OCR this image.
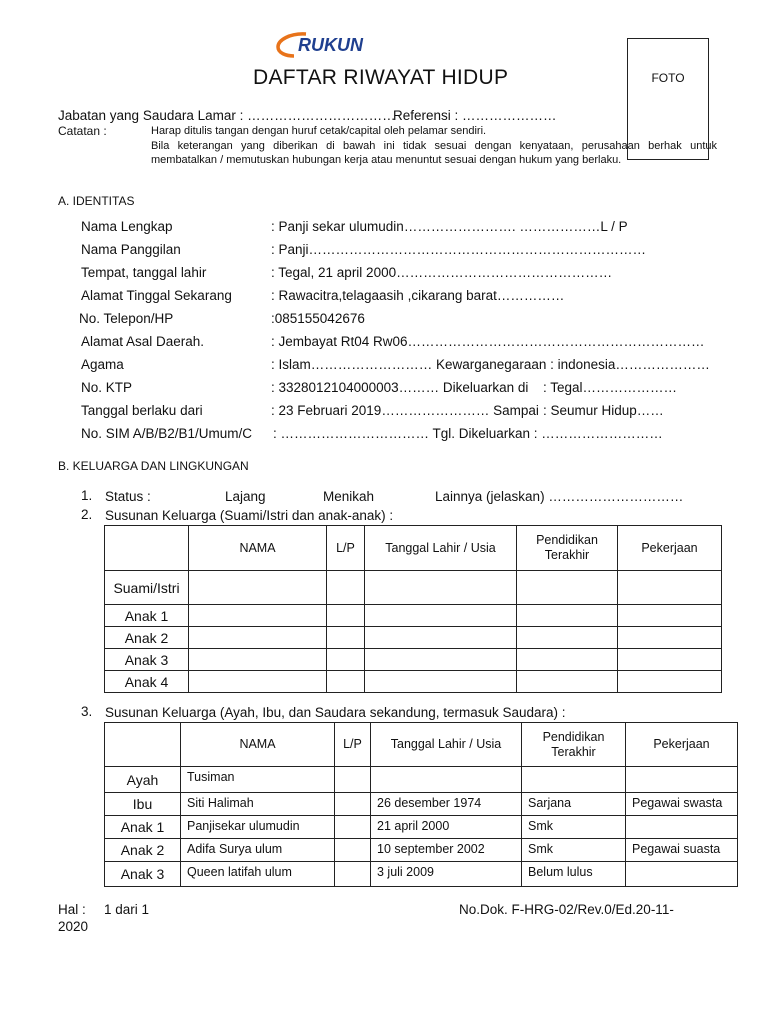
RUKUN
DAFTAR RIWAYAT HIDUP	FOTO
Jabatan yang Saudara Lamar : ……………………………
Referensi : …………………
Catatan :	Harap ditulis tangan dengan huruf cetak/capital oleh pelamar sendiri.

Bila keterangan yang diberikan di bawah ini tidak sesuai dengan kenyataan, perusahaan berhak untuk membatalkan / memutuskan hubungan kerja atau menuntut sesuai dengan hukum yang berlaku.

A. IDENTITAS
Nama Lengkap	: Panji sekar ulumudin……………………. ………………L / P
Nama Panggilan	: Panji…………………………………………………………………
Tempat, tanggal lahir	: Tegal, 21 april 2000…………………………………………
Alamat Tinggal Sekarang	: Rawacitra,telagaasih ,cikarang barat……………
No. Telepon/HP	:085155042676
Alamat Asal Daerah.	: Jembayat Rt04 Rw06…………………………………………………………
Agama	: Islam……………………… Kewarganegaraan : indonesia…………………
No. KTP	: 3328012104000003……… Dikeluarkan di : Tegal…………………
Tanggal berlaku dari	: 23 Februari 2019…………………… Sampai : Seumur Hidup……
No. SIM A/B/B2/B1/Umum/C : …………………………… Tgl. Dikeluarkan : ………………………
B. KELUARGA DAN LINGKUNGAN
1. Status :	Lajang	Menikah	Lainnya (jelaskan) …………………………
2. Susunan Keluarga (Suami/Istri dan anak-anak) :
	NAMA	L/P	Tanggal Lahir / Usia	Pendidikan Terakhir	Pekerjaan
Suami/Istri					
Anak 1					
Anak 2					
Anak 3					
Anak 4					
3. Susunan Keluarga (Ayah, Ibu, dan Saudara sekandung, termasuk Saudara) :
	NAMA	L/P	Tanggal Lahir / Usia	Pendidikan Terakhir	Pekerjaan
Ayah	Tusiman				
Ibu	Siti Halimah		26 desember 1974	Sarjana	Pegawai swasta
Anak 1	Panjisekar ulumudin		21 april 2000	Smk	
Anak 2	Adifa Surya ulum		10 september 2002	Smk	Pegawai suasta
Anak 3	Queen latifah ulum		3 juli 2009	Belum lulus	
Hal : 1 dari 1	No.Dok. F-HRG-02/Rev.0/Ed.20-11-
2020
